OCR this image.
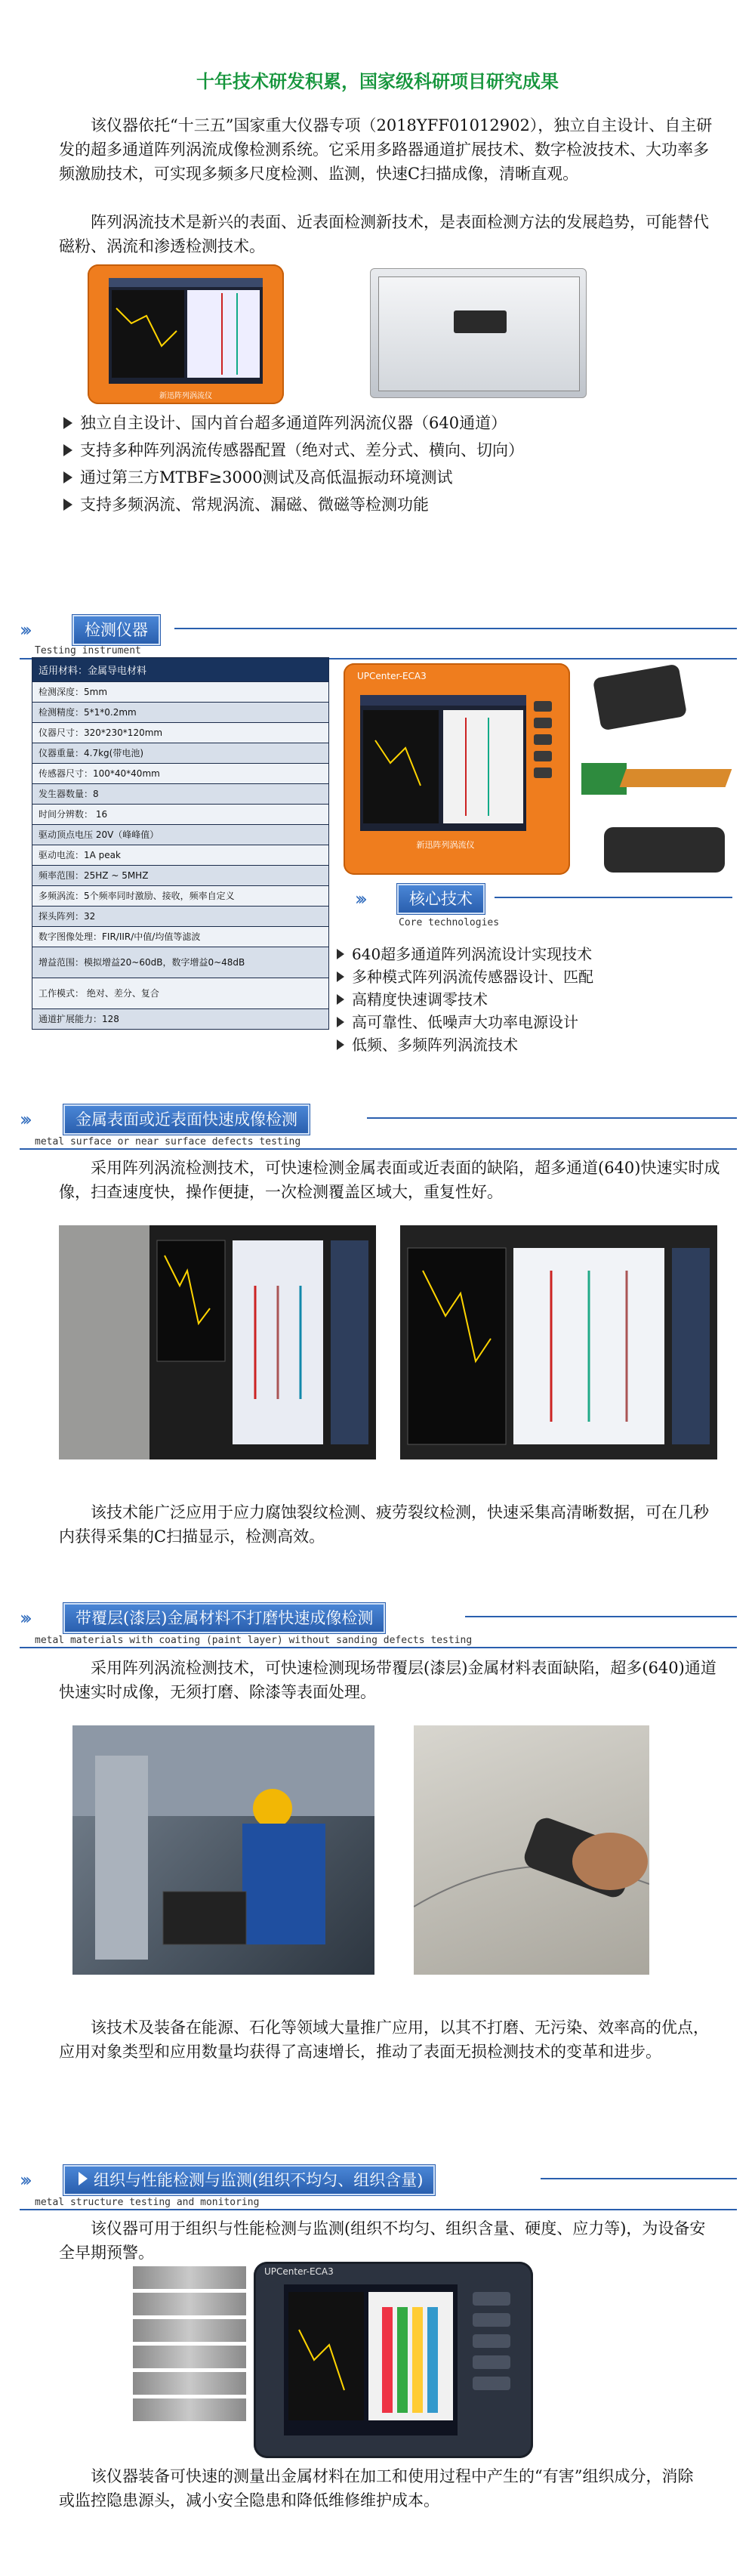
十年技术研发积累，国家级科研项目研究成果
该仪器依托“十三五”国家重大仪器专项（2018YFF01012902），独立自主设计、自主研发的超多通道阵列涡流成像检测系统。它采用多路器通道扩展技术、数字检波技术、大功率多频激励技术，可实现多频多尺度检测、监测，快速C扫描成像，清晰直观。
阵列涡流技术是新兴的表面、近表面检测新技术，是表面检测方法的发展趋势，可能替代磁粉、涡流和渗透检测技术。
新迅阵列涡流仪
独立自主设计、国内首台超多通道阵列涡流仪器（640通道）
支持多种阵列涡流传感器配置（绝对式、差分式、横向、切向）
通过第三方MTBF≥3000测试及高低温振动环境测试
支持多频涡流、常规涡流、漏磁、微磁等检测功能
›››	检测仪器
Testing instrument
适用材料：金属导电材料
检测深度：5mm
检测精度：5*1*0.2mm
仪器尺寸：320*230*120mm
仪器重量：4.7kg(带电池)
传感器尺寸：100*40*40mm
发生器数量：8
时间分辨数： 16
驱动顶点电压 20V（峰峰值）
驱动电流：1A peak
频率范围：25HZ ~ 5MHZ
多频涡流：5个频率同时激励、接收，频率自定义
探头阵列：32
数字图像处理：FIR/IIR/中值/均值等滤波
增益范围：模拟增益20~60dB，数字增益0~48dB
工作模式： 绝对、差分、复合
通道扩展能力：128
UPCenter-ECA3
新迅阵列涡流仪
›››	核心技术
Core technologies
640超多通道阵列涡流设计实现技术
多种模式阵列涡流传感器设计、匹配
高精度快速调零技术
高可靠性、低噪声大功率电源设计
低频、多频阵列涡流技术
›››	金属表面或近表面快速成像检测
metal surface or near surface defects testing
采用阵列涡流检测技术，可快速检测金属表面或近表面的缺陷，超多通道(640)快速实时成像，扫查速度快，操作便捷，一次检测覆盖区域大，重复性好。
该技术能广泛应用于应力腐蚀裂纹检测、疲劳裂纹检测，快速采集高清晰数据，可在几秒内获得采集的C扫描显示，检测高效。
›››	带覆层(漆层)金属材料不打磨快速成像检测
metal materials with coating (paint layer) without sanding defects testing
采用阵列涡流检测技术，可快速检测现场带覆层(漆层)金属材料表面缺陷，超多(640)通道快速实时成像，无须打磨、除漆等表面处理。
该技术及装备在能源、石化等领域大量推广应用，以其不打磨、无污染、效率高的优点，应用对象类型和应用数量均获得了高速增长，推动了表面无损检测技术的变革和进步。
›››	组织与性能检测与监测(组织不均匀、组织含量)
metal structure testing and monitoring
该仪器可用于组织与性能检测与监测(组织不均匀、组织含量、硬度、应力等)，为设备安全早期预警。
UPCenter-ECA3
该仪器装备可快速的测量出金属材料在加工和使用过程中产生的“有害”组织成分，消除或监控隐患源头，减小安全隐患和降低维修维护成本。
